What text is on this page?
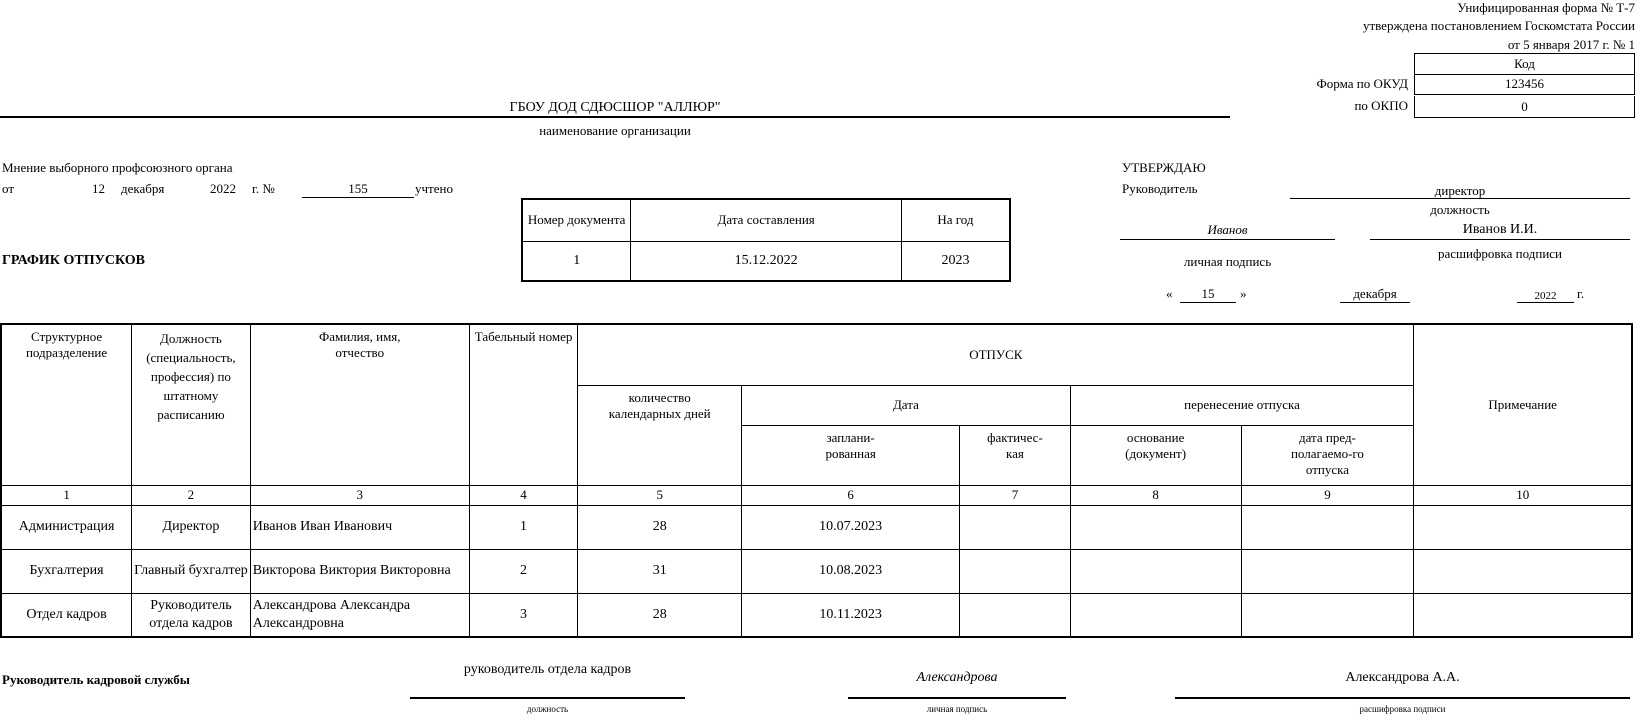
Унифицированная форма № Т-7
утверждена постановлением Госкомстата России
от 5 января 2017 г. № 1
Код
Форма по ОКУД	123456
по ОКПО	0
ГБОУ ДОД СДЮСШОР "АЛЛЮР"
наименование организации
Мнение выборного профсоюзного органа
от	12 декабря	2022 г. №	155	учтено
ГРАФИК ОТПУСКОВ
Номер документа	Дата составления	На год
1	15.12.2022	2023
УТВЕРЖДАЮ
Руководитель	директор
должность
Иванов
личная подпись
Иванов И.И.
расшифровка подписи
«	15	»	декабря	2022	г.
Структурное подразделение	Должность (специальность, профессия) по штатному расписанию	Фамилия, имя, отчество	Табельный номер	ОТПУСК					Примечание
				количество календарных дней	Дата		перенесение отпуска		
					заплани-рованная	фактичес-кая	основание (документ)	дата пред-полагаемо-го отпуска	
1	2	3	4	5	6	7	8	9	10
Администрация	Директор	Иванов Иван Иванович	1	28	10.07.2023				
Бухгалтерия	Главный бухгалтер	Викторова Виктория Викторовна	2	31	10.08.2023				
Отдел кадров	Руководитель отдела кадров	Александрова Александра Александровна	3	28	10.11.2023				
Руководитель кадровой службы
руководитель отдела кадров
должность
Александрова
личная подпись
Александрова А.А.
расшифровка подписи
